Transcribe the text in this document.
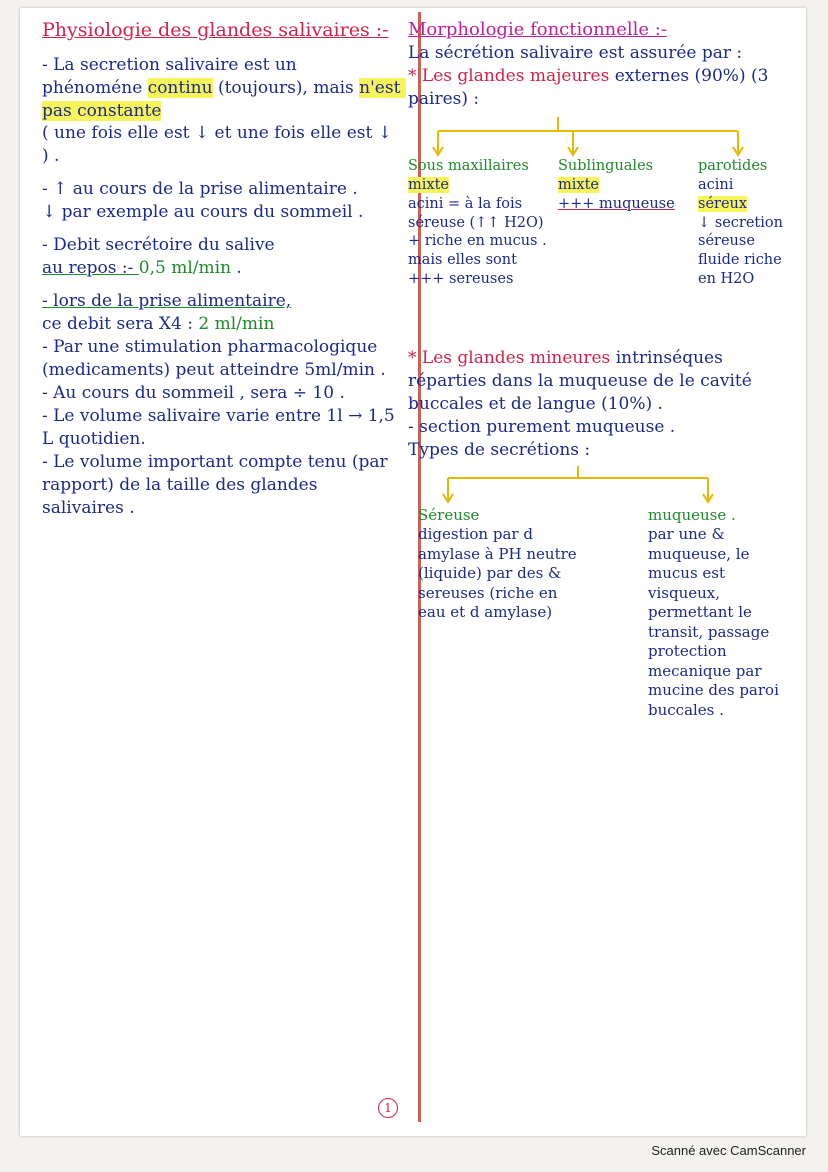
Physiologie des glandes salivaires :-

- La secretion salivaire est un phénoméne continu (toujours), mais n'est pas constante

( une fois elle est ↓ et une fois elle est ↓ ) .

- ↑ au cours de la prise alimentaire .

↓ par exemple au cours du sommeil .

- Debit secrétoire du salive

au repos :- 0,5 ml/min .

- lors de la prise alimentaire,

ce debit sera X4 : 2 ml/min

- Par une stimulation pharmacologique (medicaments) peut atteindre 5ml/min .

- Au cours du sommeil , sera ÷ 10 .

- Le volume salivaire varie entre 1l → 1,5 L quotidien.

- Le volume important compte tenu (par rapport) de la taille des glandes salivaires .

Morphologie fonctionnelle :-

La sécrétion salivaire est assurée par :

* Les glandes majeures externes (90%) (3 paires) :

Sous maxillaires
mixte
acini = à la fois séreuse (↑↑ H2O) + riche en mucus . mais elles sont +++ sereuses
Sublinguales
mixte
+++ muqueuse
parotides
acini
séreux
↓ secretion séreuse fluide riche en H2O

* Les glandes mineures intrinséques réparties dans la muqueuse de le cavité buccales et de langue (10%) .

- section purement muqueuse .

Types de secrétions :

Séreuse
digestion par d amylase à PH neutre (liquide) par des & sereuses (riche en eau et d amylase)
muqueuse .
par une & muqueuse, le mucus est visqueux, permettant le transit, passage protection mecanique par mucine des paroi buccales .
1
Scanné avec CamScanner
